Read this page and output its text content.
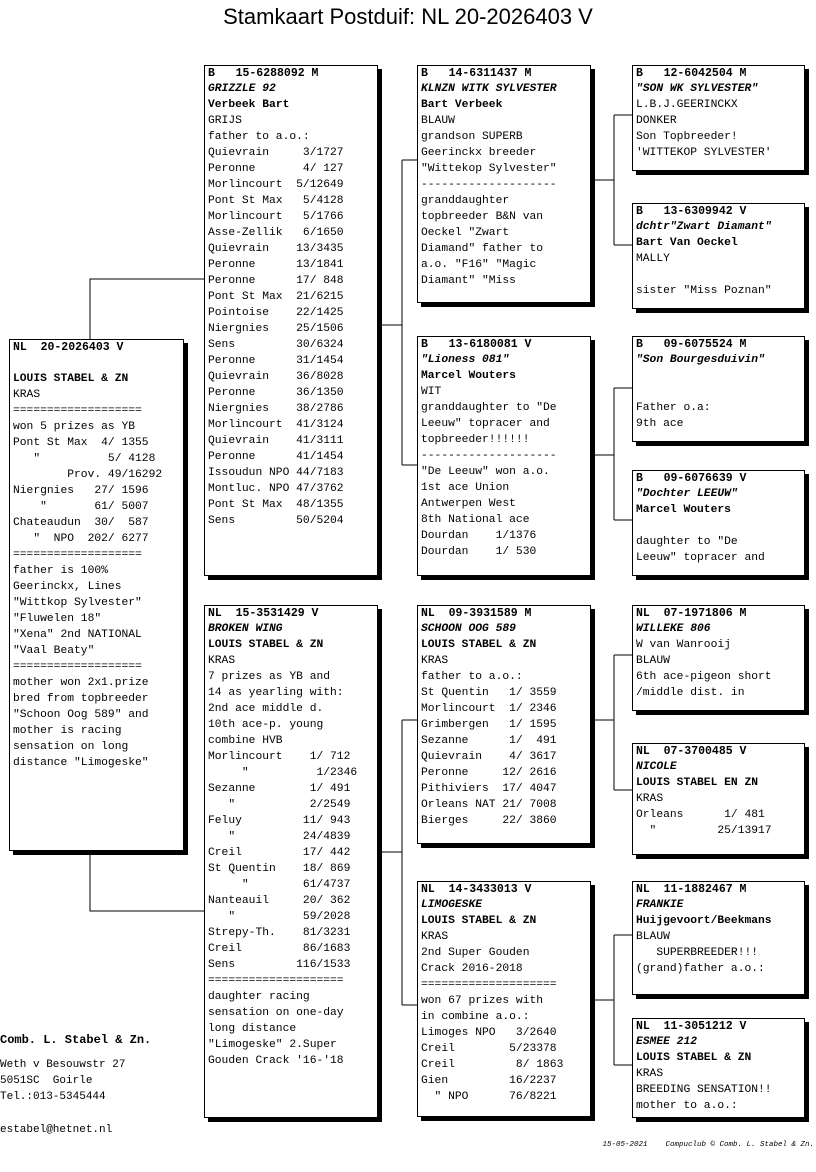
Stamkaart Postduif: NL 20-2026403 V
NL  20-2026403 V

LOUIS STABEL & ZN
KRAS
===================
won 5 prizes as YB
Pont St Max  4/ 1355
"          5/ 4128
Prov. 49/16292
Niergnies   27/ 1596
"       61/ 5007
Chateaudun  30/  587
"  NPO  202/ 6277
===================
father is 100%
Geerinckx, Lines
"Wittkop Sylvester"
"Fluwelen 18"
"Xena" 2nd NATIONAL
"Vaal Beaty"
===================
mother won 2x1.prize
bred from topbreeder
"Schoon Oog 589" and
mother is racing
sensation on long
distance "Limogeske"
B   15-6288092 M
GRIZZLE 92
Verbeek Bart
GRIJS
father to a.o.:
Quievrain     3/1727
Peronne       4/ 127
Morlincourt  5/12649
Pont St Max   5/4128
Morlincourt   5/1766
Asse-Zellik   6/1650
Quievrain    13/3435
Peronne      13/1841
Peronne      17/ 848
Pont St Max  21/6215
Pointoise    22/1425
Niergnies    25/1506
Sens         30/6324
Peronne      31/1454
Quievrain    36/8028
Peronne      36/1350
Niergnies    38/2786
Morlincourt  41/3124
Quievrain    41/3111
Peronne      41/1454
Issoudun NPO 44/7183
Montluc. NPO 47/3762
Pont St Max  48/1355
Sens         50/5204
NL  15-3531429 V
BROKEN WING
LOUIS STABEL & ZN
KRAS
7 prizes as YB and
14 as yearling with:
2nd ace middle d.
10th ace-p. young
combine HVB
Morlincourt    1/ 712
"          1/2346
Sezanne        1/ 491
"           2/2549
Feluy         11/ 943
"          24/4839
Creil         17/ 442
St Quentin    18/ 869
"        61/4737
Nanteauil     20/ 362
"          59/2028
Strepy-Th.    81/3231
Creil         86/1683
Sens         116/1533
====================
daughter racing
sensation on one-day
long distance
"Limogeske" 2.Super
Gouden Crack '16-'18
B   14-6311437 M
KLNZN WITK SYLVESTER
Bart Verbeek
BLAUW
grandson SUPERB
Geerinckx breeder
"Wittekop Sylvester"
--------------------
granddaughter
topbreeder B&N van
Oeckel "Zwart
Diamand" father to
a.o. "F16" "Magic
Diamant" "Miss
B   13-6180081 V
"Lioness 081"
Marcel Wouters
WIT
granddaughter to "De
Leeuw" topracer and
topbreeder!!!!!!
--------------------
"De Leeuw" won a.o.
1st ace Union
Antwerpen West
8th National ace
Dourdan    1/1376
Dourdan    1/ 530
NL  09-3931589 M
SCHOON OOG 589
LOUIS STABEL & ZN
KRAS
father to a.o.:
St Quentin   1/ 3559
Morlincourt  1/ 2346
Grimbergen   1/ 1595
Sezanne      1/  491
Quievrain    4/ 3617
Peronne     12/ 2616
Pithiviers  17/ 4047
Orleans NAT 21/ 7008
Bierges     22/ 3860
NL  14-3433013 V
LIMOGESKE
LOUIS STABEL & ZN
KRAS
2nd Super Gouden
Crack 2016-2018
====================
won 67 prizes with
in combine a.o.:
Limoges NPO   3/2640
Creil        5/23378
Creil         8/ 1863
Gien         16/2237
" NPO      76/8221
B   12-6042504 M
"SON WK SYLVESTER"
L.B.J.GEERINCKX
DONKER
Son Topbreeder!
'WITTEKOP SYLVESTER'
B   13-6309942 V
dchtr"Zwart Diamant"
Bart Van Oeckel
MALLY

sister "Miss Poznan"
B   09-6075524 M
"Son Bourgesduivin"

Father o.a:
9th ace
B   09-6076639 V
"Dochter LEEUW"
Marcel Wouters

daughter to "De
Leeuw" topracer and
NL  07-1971806 M
WILLEKE 806
W van Wanrooij
BLAUW
6th ace-pigeon short
/middle dist. in
NL  07-3700485 V
NICOLE
LOUIS STABEL EN ZN
KRAS
Orleans      1/ 481
"         25/13917
NL  11-1882467 M
FRANKIE
Huijgevoort/Beekmans
BLAUW
SUPERBREEDER!!!
(grand)father a.o.:
NL  11-3051212 V
ESMEE 212
LOUIS STABEL & ZN
KRAS
BREEDING SENSATION!!
mother to a.o.:
Comb. L. Stabel & Zn.
Weth v Besouwstr 27
5051SC  Goirle
Tel.:013-5345444
estabel@hetnet.nl
15-05-2021 Compuclub © Comb. L. Stabel & Zn.
